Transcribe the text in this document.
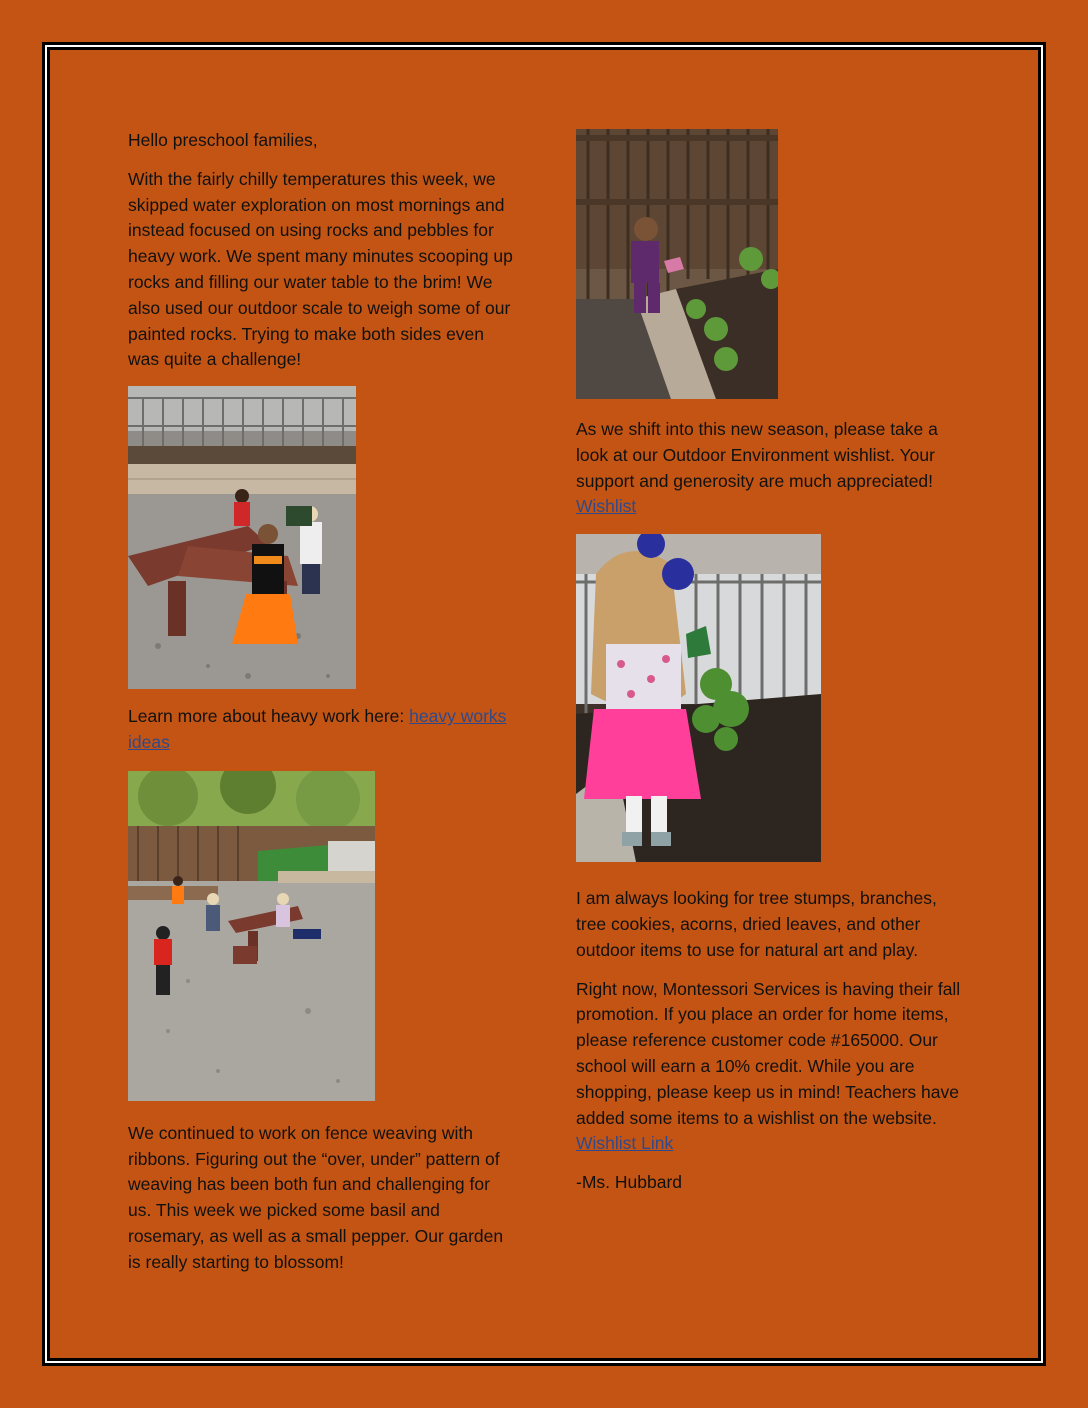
Hello preschool families,

With the fairly chilly temperatures this week, we skipped water exploration on most mornings and instead focused on using rocks and pebbles for heavy work. We spent many minutes scooping up rocks and filling our water table to the brim! We also used our outdoor scale to weigh some of our painted rocks. Trying to make both sides even was quite a challenge!

Learn more about heavy work here: heavy works ideas

We continued to work on fence weaving with ribbons. Figuring out the “over, under” pattern of weaving has been both fun and challenging for us. This week we picked some basil and rosemary, as well as a small pepper. Our garden is really starting to blossom!

As we shift into this new season, please take a look at our Outdoor Environment wishlist. Your support and generosity are much appreciated! Wishlist

I am always looking for tree stumps, branches, tree cookies, acorns, dried leaves, and other outdoor items to use for natural art and play.

Right now, Montessori Services is having their fall promotion. If you place an order for home items, please reference customer code #165000. Our school will earn a 10% credit. While you are shopping, please keep us in mind! Teachers have added some items to a wishlist on the website. Wishlist Link

-Ms. Hubbard
